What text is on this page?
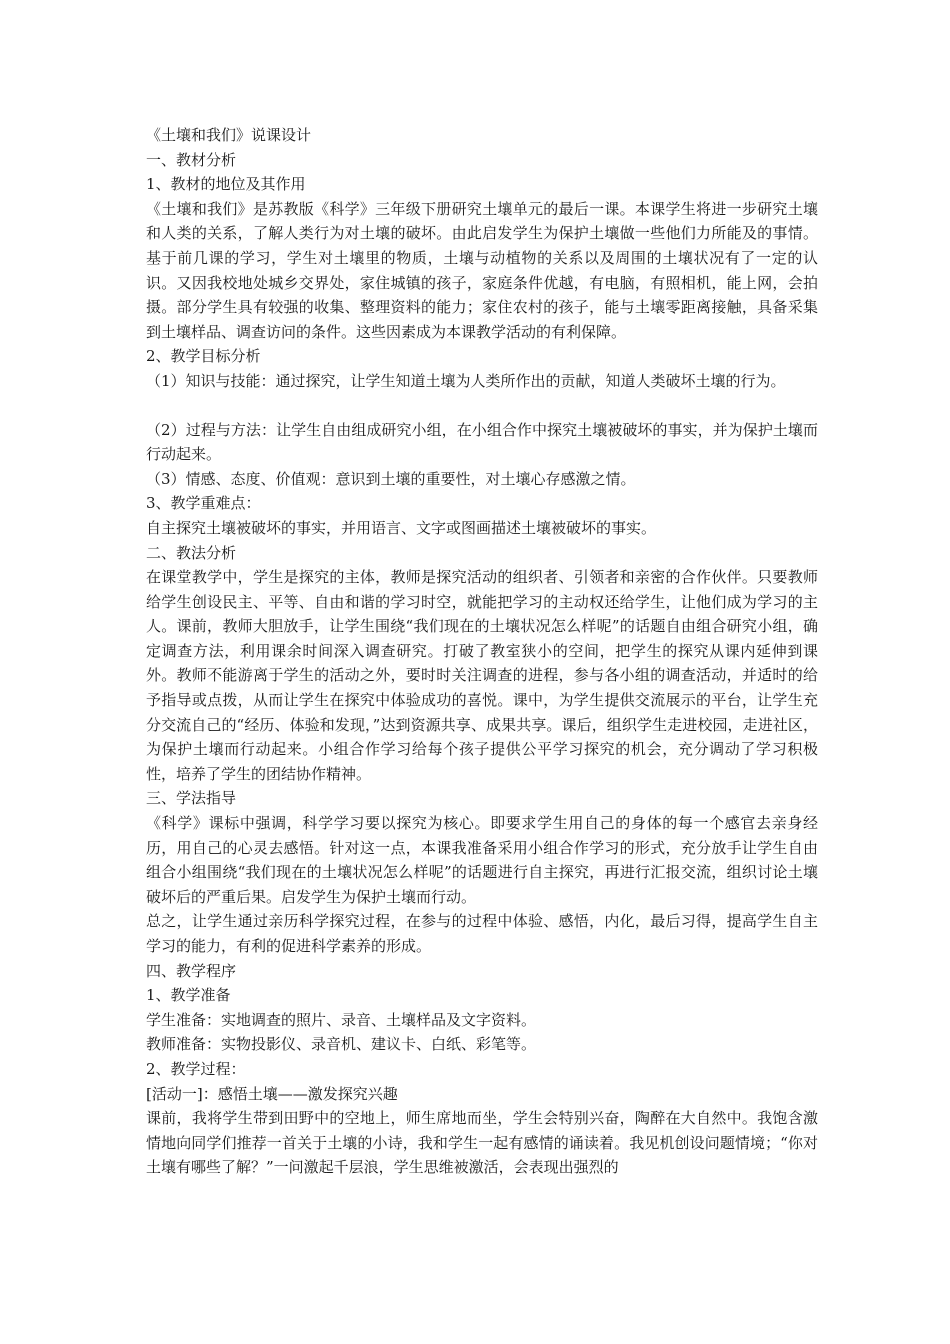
《土壤和我们》说课设计

一、教材分析

1、教材的地位及其作用

《土壤和我们》是苏教版《科学》三年级下册研究土壤单元的最后一课。本课学生将进一步研究土壤和人类的关系，了解人类行为对土壤的破坏。由此启发学生为保护土壤做一些他们力所能及的事情。基于前几课的学习，学生对土壤里的物质，土壤与动植物的关系以及周围的土壤状况有了一定的认识。又因我校地处城乡交界处，家住城镇的孩子，家庭条件优越，有电脑，有照相机，能上网，会拍摄。部分学生具有较强的收集、整理资料的能力；家住农村的孩子，能与土壤零距离接触，具备采集到土壤样品、调查访问的条件。这些因素成为本课教学活动的有利保障。

2、教学目标分析

（1）知识与技能：通过探究，让学生知道土壤为人类所作出的贡献，知道人类破坏土壤的行为。

（2）过程与方法：让学生自由组成研究小组，在小组合作中探究土壤被破坏的事实，并为保护土壤而行动起来。

（3）情感、态度、价值观：意识到土壤的重要性，对土壤心存感激之情。

3、教学重难点：

自主探究土壤被破坏的事实，并用语言、文字或图画描述土壤被破坏的事实。

二、教法分析

在课堂教学中，学生是探究的主体，教师是探究活动的组织者、引领者和亲密的合作伙伴。只要教师给学生创设民主、平等、自由和谐的学习时空，就能把学习的主动权还给学生，让他们成为学习的主人。课前，教师大胆放手，让学生围绕“我们现在的土壤状况怎么样呢”的话题自由组合研究小组，确定调查方法，利用课余时间深入调查研究。打破了教室狭小的空间，把学生的探究从课内延伸到课外。教师不能游离于学生的活动之外，要时时关注调查的进程，参与各小组的调查活动，并适时的给予指导或点拨，从而让学生在探究中体验成功的喜悦。课中，为学生提供交流展示的平台，让学生充分交流自己的“经历、体验和发现，”达到资源共享、成果共享。课后，组织学生走进校园，走进社区，为保护土壤而行动起来。小组合作学习给每个孩子提供公平学习探究的机会，充分调动了学习积极性，培养了学生的团结协作精神。

三、学法指导

《科学》课标中强调，科学学习要以探究为核心。即要求学生用自己的身体的每一个感官去亲身经历，用自己的心灵去感悟。针对这一点，本课我准备采用小组合作学习的形式，充分放手让学生自由组合小组围绕“我们现在的土壤状况怎么样呢”的话题进行自主探究，再进行汇报交流，组织讨论土壤破坏后的严重后果。启发学生为保护土壤而行动。

总之，让学生通过亲历科学探究过程，在参与的过程中体验、感悟，内化，最后习得，提高学生自主学习的能力，有利的促进科学素养的形成。

四、教学程序

1、教学准备

学生准备：实地调查的照片、录音、土壤样品及文字资料。

教师准备：实物投影仪、录音机、建议卡、白纸、彩笔等。

2、教学过程：

[活动一]：感悟土壤——激发探究兴趣

课前，我将学生带到田野中的空地上，师生席地而坐，学生会特别兴奋，陶醉在大自然中。我饱含激情地向同学们推荐一首关于土壤的小诗，我和学生一起有感情的诵读着。我见机创设问题情境；“你对土壤有哪些了解？”一问激起千层浪，学生思维被激活，会表现出强烈的
